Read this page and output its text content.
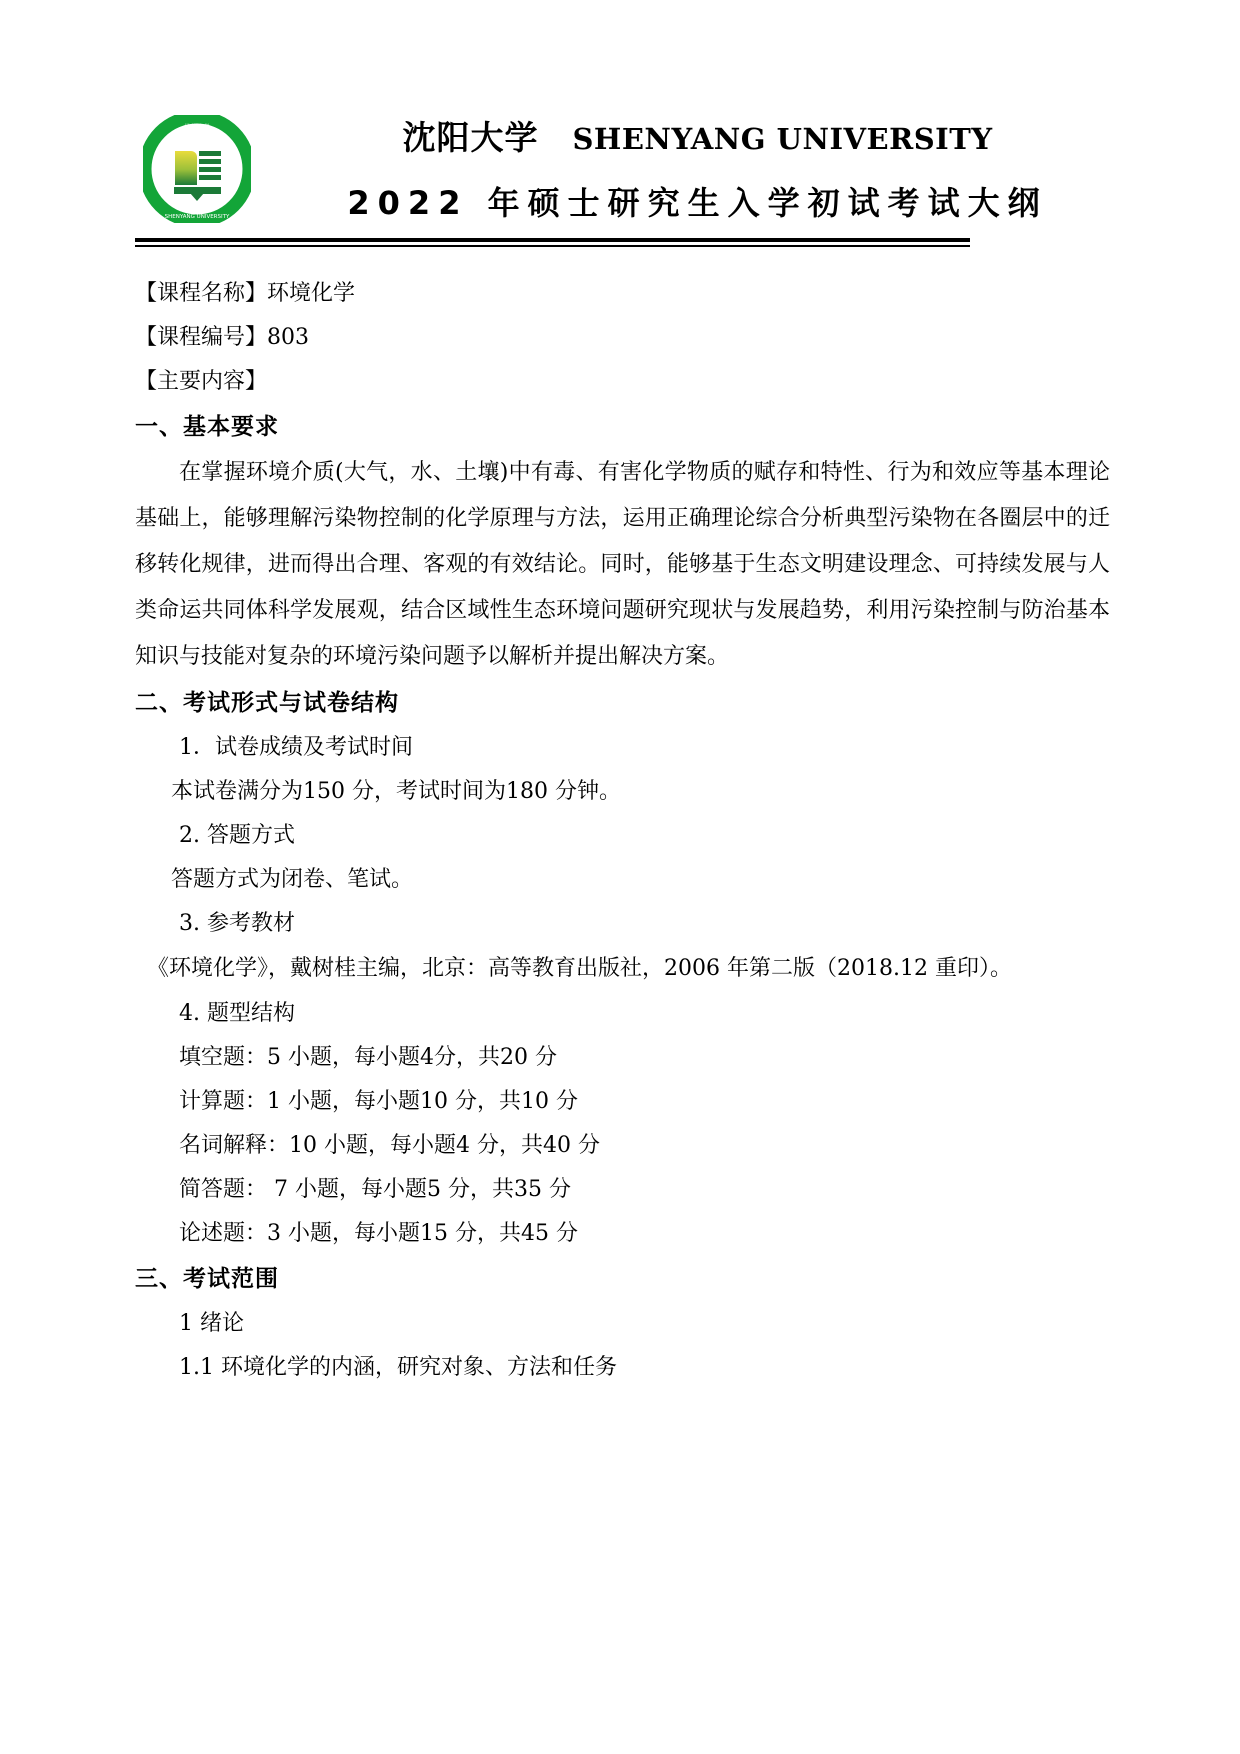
辽 博 大 学
SHENYANG UNIVERSITY
沈阳大学 SHENYANG UNIVERSITY
2022 年硕士研究生入学初试考试大纲
【课程名称】环境化学
【课程编号】803
【主要内容】
一、基本要求

在掌握环境介质(大气，水、土壤)中有毒、有害化学物质的赋存和特性、行为和效应等基本理论基础上，能够理解污染物控制的化学原理与方法，运用正确理论综合分析典型污染物在各圈层中的迁移转化规律，进而得出合理、客观的有效结论。同时，能够基于生态文明建设理念、可持续发展与人类命运共同体科学发展观，结合区域性生态环境问题研究现状与发展趋势，利用污染控制与防治基本知识与技能对复杂的环境污染问题予以解析并提出解决方案。

二、考试形式与试卷结构
1．试卷成绩及考试时间
本试卷满分为150 分，考试时间为180 分钟。
2. 答题方式
答题方式为闭卷、笔试。
3. 参考教材

《环境化学》，戴树桂主编，北京：高等教育出版社，2006 年第二版（2018.12 重印）。

4. 题型结构
填空题：5 小题，每小题4分，共20 分
计算题：1 小题，每小题10 分，共10 分
名词解释：10 小题，每小题4 分，共40 分
简答题： 7 小题，每小题5 分，共35 分
论述题：3 小题，每小题15 分，共45 分
三、考试范围
1 绪论
1.1 环境化学的内涵，研究对象、方法和任务
